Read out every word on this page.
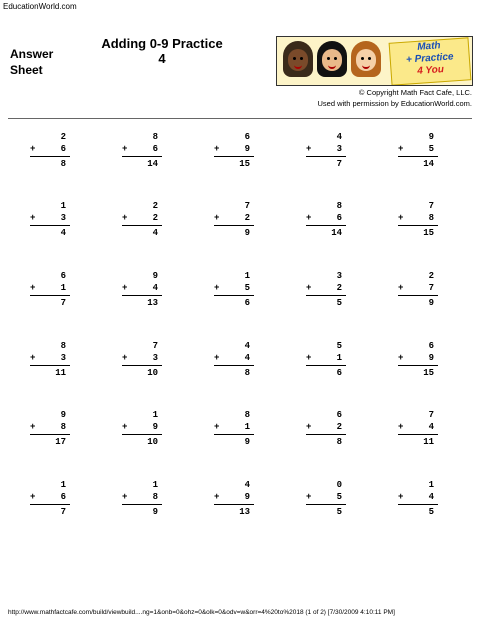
EducationWorld.com
Answer
Sheet
Adding 0-9 Practice
4
Math
+ Practice
4 You
© Copyright Math Fact Cafe, LLC.
Used with permission by EducationWorld.com.
2
+	6
8
8
+	6
14
6
+	9
15
4
+	3
7
9
+	5
14
1
+	3
4
2
+	2
4
7
+	2
9
8
+	6
14
7
+	8
15
6
+	1
7
9
+	4
13
1
+	5
6
3
+	2
5
2
+	7
9
8
+	3
11
7
+	3
10
4
+	4
8
5
+	1
6
6
+	9
15
9
+	8
17
1
+	9
10
8
+	1
9
6
+	2
8
7
+	4
11
1
+	6
7
1
+	8
9
4
+	9
13
0
+	5
5
1
+	4
5
http://www.mathfactcafe.com/build/viewbuild....ng=1&onb=0&ohz=0&olk=0&odv=w&orr=4%20to%2018 (1 of 2) [7/30/2009 4:10:11 PM]
